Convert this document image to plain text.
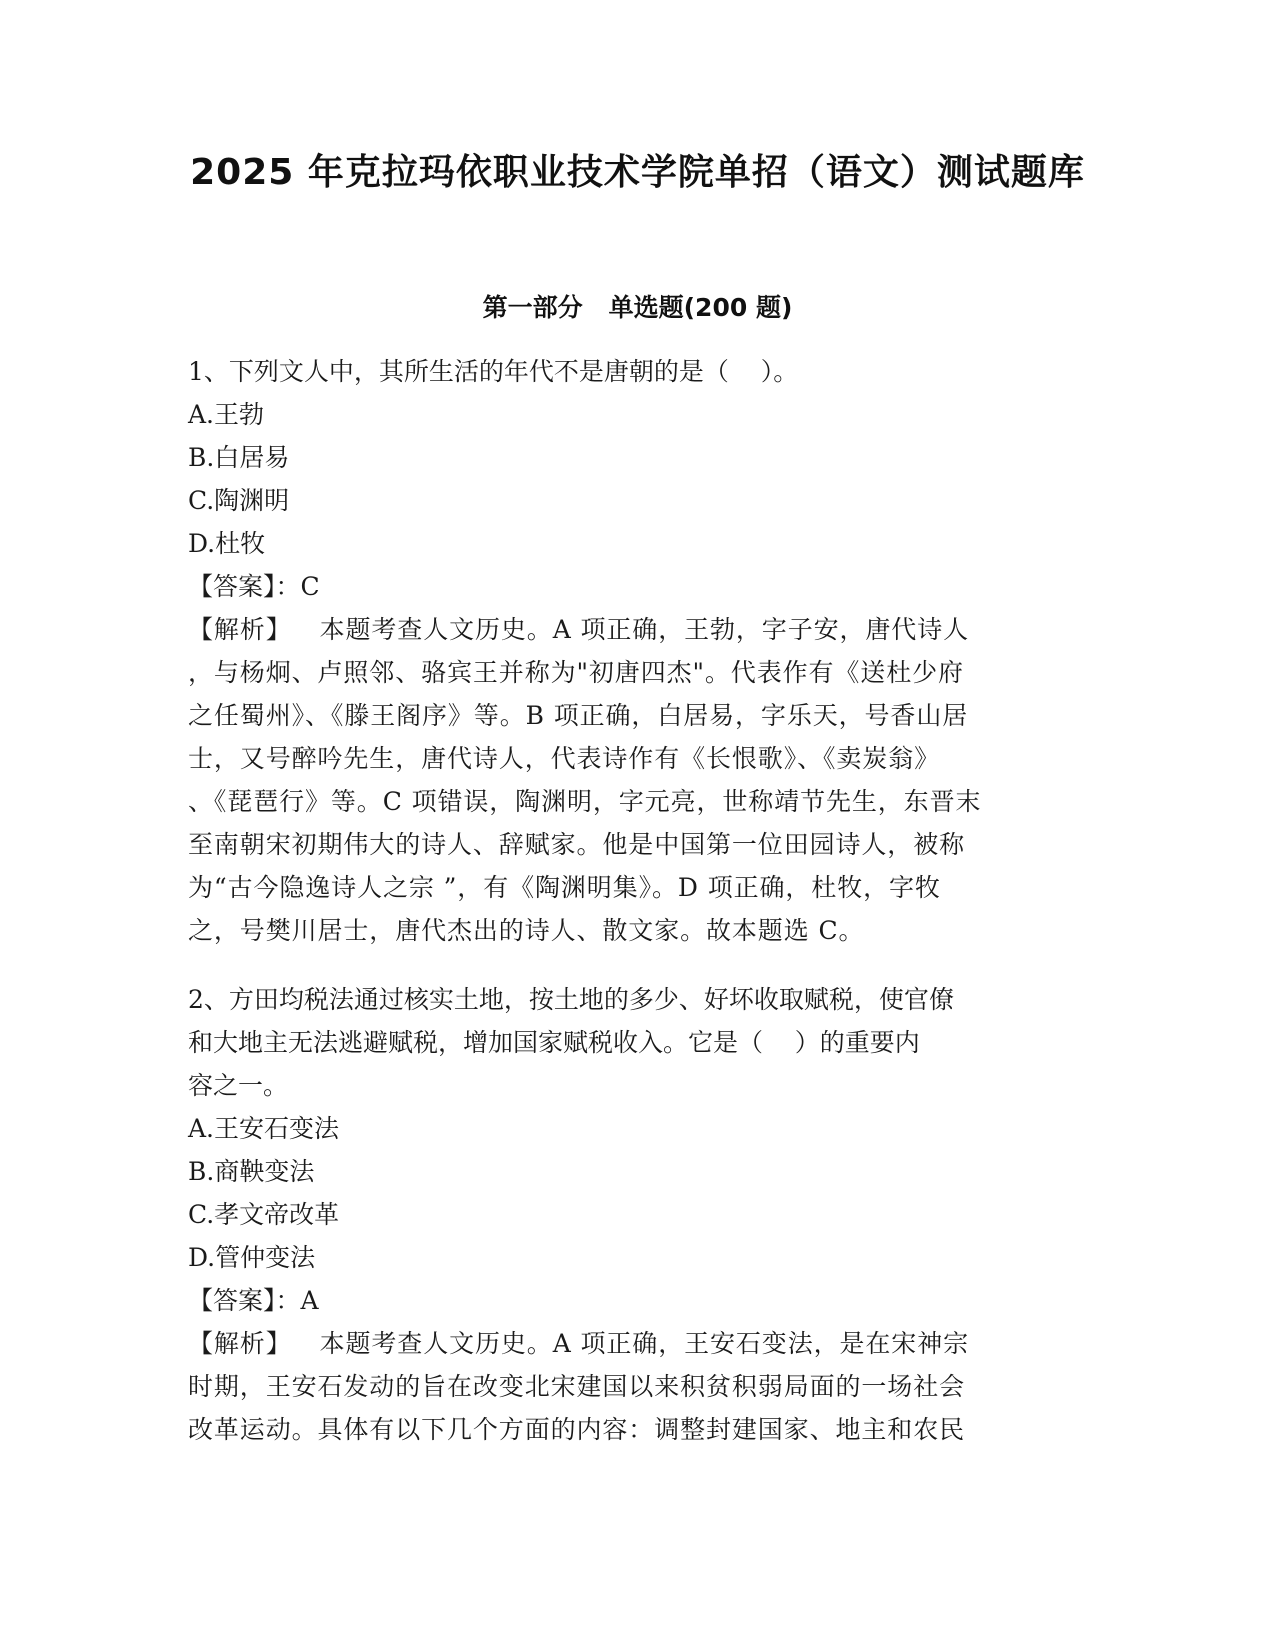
2025 年克拉玛依职业技术学院单招（语文）测试题库
第一部分 单选题(200 题)
1、下列文人中，其所生活的年代不是唐朝的是（    ）。
A.王勃
B.白居易
C.陶渊明
D.杜牧
【答案】：C
【解析】 本题考查人文历史。A 项正确，王勃，字子安，唐代诗人
，与杨炯、卢照邻、骆宾王并称为"初唐四杰"。代表作有《送杜少府
之任蜀州》、《滕王阁序》等。B 项正确，白居易，字乐天，号香山居
士，又号醉吟先生，唐代诗人，代表诗作有《长恨歌》、《卖炭翁》
、《琵琶行》等。C 项错误，陶渊明，字元亮，世称靖节先生，东晋末
至南朝宋初期伟大的诗人、辞赋家。他是中国第一位田园诗人，被称
为“古今隐逸诗人之宗 ”，有《陶渊明集》。D 项正确，杜牧，字牧
之，号樊川居士，唐代杰出的诗人、散文家。故本题选 C。
2、方田均税法通过核实土地，按土地的多少、好坏收取赋税，使官僚
和大地主无法逃避赋税，增加国家赋税收入。它是（    ）的重要内
容之一。
A.王安石变法
B.商鞅变法
C.孝文帝改革
D.管仲变法
【答案】：A
【解析】 本题考查人文历史。A 项正确，王安石变法，是在宋神宗
时期，王安石发动的旨在改变北宋建国以来积贫积弱局面的一场社会
改革运动。具体有以下几个方面的内容：调整封建国家、地主和农民
